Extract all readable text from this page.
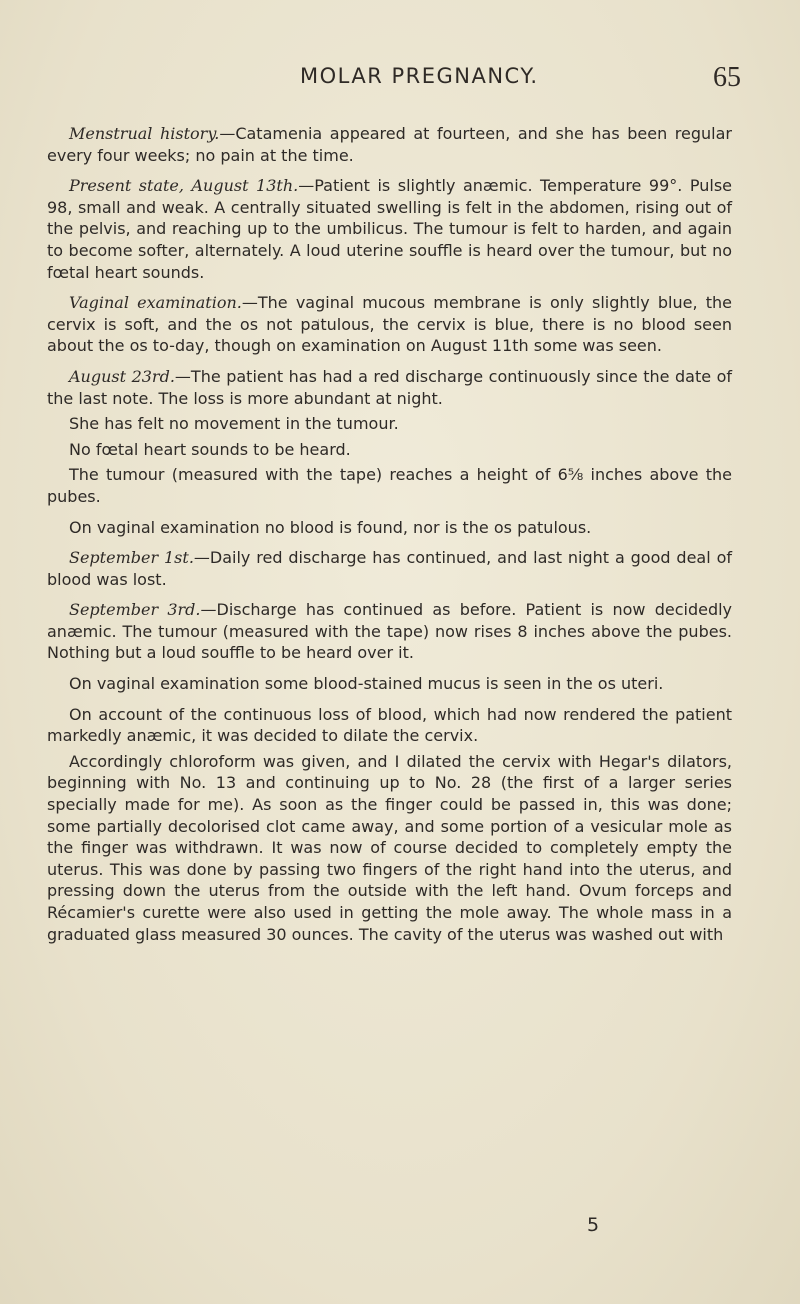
MOLAR PREGNANCY.	65

Menstrual history.—Catamenia appeared at fourteen, and she has been regular every four weeks; no pain at the time.

Present state, August 13th.—Patient is slightly anæmic. Temperature 99°. Pulse 98, small and weak. A centrally situated swelling is felt in the abdomen, rising out of the pelvis, and reaching up to the umbilicus. The tumour is felt to harden, and again to become softer, alternately. A loud uterine souffle is heard over the tumour, but no fœtal heart sounds.

Vaginal examination.—The vaginal mucous membrane is only slightly blue, the cervix is soft, and the os not patulous, the cervix is blue, there is no blood seen about the os to-day, though on examination on August 11th some was seen.

August 23rd.—The patient has had a red discharge continuously since the date of the last note. The loss is more abundant at night.

She has felt no movement in the tumour.

No fœtal heart sounds to be heard.

The tumour (measured with the tape) reaches a height of 6⅝ inches above the pubes.

On vaginal examination no blood is found, nor is the os patulous.

September 1st.—Daily red discharge has continued, and last night a good deal of blood was lost.

September 3rd.—Discharge has continued as before. Patient is now decidedly anæmic. The tumour (measured with the tape) now rises 8 inches above the pubes. Nothing but a loud souffle to be heard over it.

On vaginal examination some blood-stained mucus is seen in the os uteri.

On account of the continuous loss of blood, which had now rendered the patient markedly anæmic, it was decided to dilate the cervix.

Accordingly chloroform was given, and I dilated the cervix with Hegar's dilators, beginning with No. 13 and continuing up to No. 28 (the first of a larger series specially made for me). As soon as the finger could be passed in, this was done; some partially decolorised clot came away, and some portion of a vesicular mole as the finger was withdrawn. It was now of course decided to completely empty the uterus. This was done by passing two fingers of the right hand into the uterus, and pressing down the uterus from the outside with the left hand. Ovum forceps and Récamier's curette were also used in getting the mole away. The whole mass in a graduated glass measured 30 ounces. The cavity of the uterus was washed out with

5
